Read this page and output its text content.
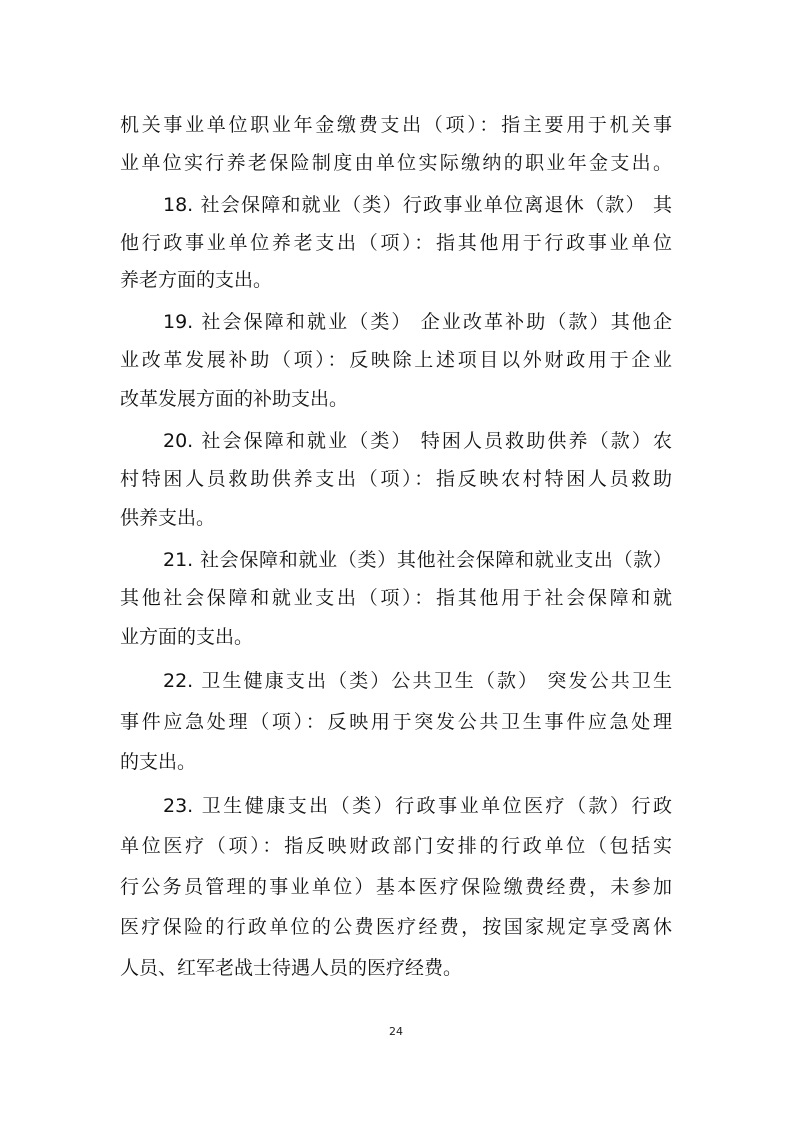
机关事业单位职业年金缴费支出（项）：指主要用于机关事
业单位实行养老保险制度由单位实际缴纳的职业年金支出。
18. 社会保障和就业（类）行政事业单位离退休（款） 其
他行政事业单位养老支出（项）：指其他用于行政事业单位
养老方面的支出。
19. 社会保障和就业（类） 企业改革补助（款）其他企
业改革发展补助（项）：反映除上述项目以外财政用于企业
改革发展方面的补助支出。
20. 社会保障和就业（类） 特困人员救助供养（款）农
村特困人员救助供养支出（项）：指反映农村特困人员救助
供养支出。
21. 社会保障和就业（类）其他社会保障和就业支出（款）
其他社会保障和就业支出（项）：指其他用于社会保障和就
业方面的支出。
22. 卫生健康支出（类）公共卫生（款） 突发公共卫生
事件应急处理（项）：反映用于突发公共卫生事件应急处理
的支出。
23. 卫生健康支出（类）行政事业单位医疗（款）行政
单位医疗（项）：指反映财政部门安排的行政单位（包括实
行公务员管理的事业单位）基本医疗保险缴费经费，未参加
医疗保险的行政单位的公费医疗经费，按国家规定享受离休
人员、红军老战士待遇人员的医疗经费。
24
